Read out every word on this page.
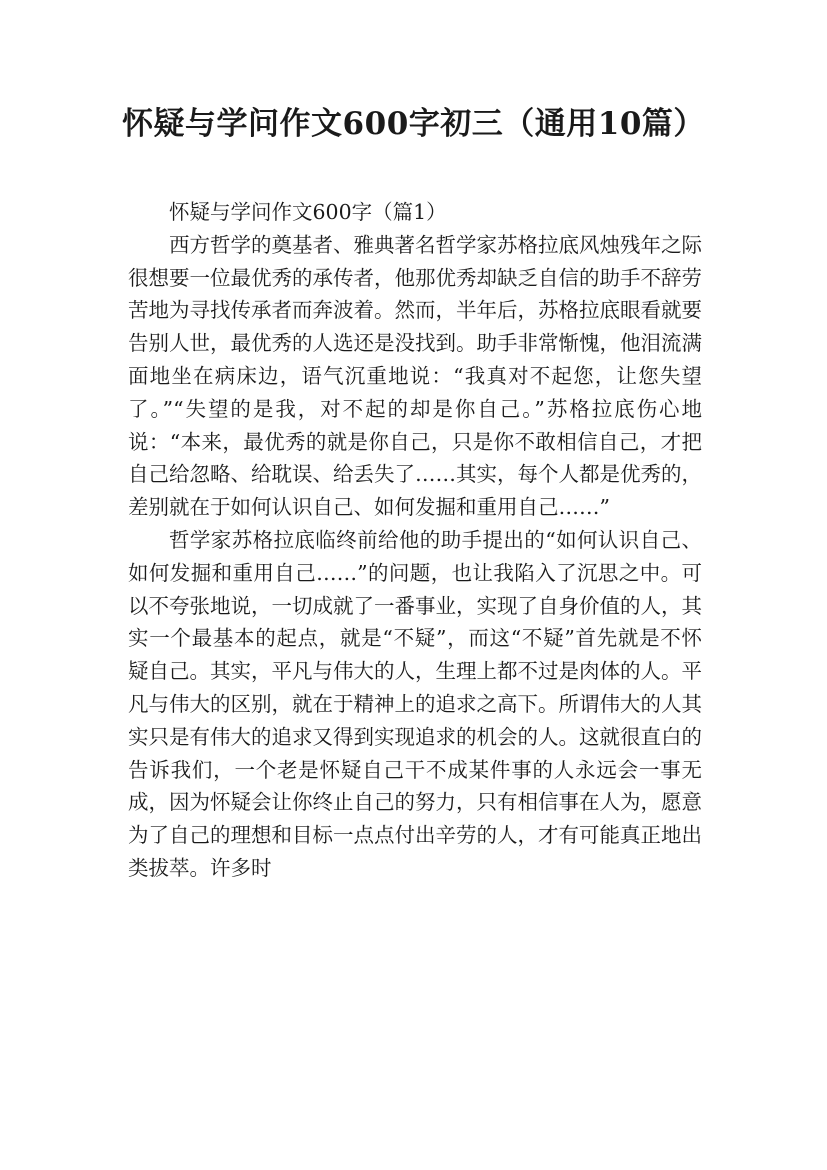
怀疑与学问作文600字初三（通用10篇）

怀疑与学问作文600字（篇1）

西方哲学的奠基者、雅典著名哲学家苏格拉底风烛残年之际很想要一位最优秀的承传者，他那优秀却缺乏自信的助手不辞劳苦地为寻找传承者而奔波着。然而，半年后，苏格拉底眼看就要告别人世，最优秀的人选还是没找到。助手非常惭愧，他泪流满面地坐在病床边，语气沉重地说：“我真对不起您，让您失望了。”“失望的是我，对不起的却是你自己。”苏格拉底伤心地说：“本来，最优秀的就是你自己，只是你不敢相信自己，才把自己给忽略、给耽误、给丢失了……其实，每个人都是优秀的，差别就在于如何认识自己、如何发掘和重用自己……”

哲学家苏格拉底临终前给他的助手提出的“如何认识自己、如何发掘和重用自己……”的问题，也让我陷入了沉思之中。可以不夸张地说，一切成就了一番事业，实现了自身价值的人，其实一个最基本的起点，就是“不疑”，而这“不疑”首先就是不怀疑自己。其实，平凡与伟大的人，生理上都不过是肉体的人。平凡与伟大的区别，就在于精神上的追求之高下。所谓伟大的人其实只是有伟大的追求又得到实现追求的机会的人。这就很直白的告诉我们，一个老是怀疑自己干不成某件事的人永远会一事无成，因为怀疑会让你终止自己的努力，只有相信事在人为，愿意为了自己的理想和目标一点点付出辛劳的人，才有可能真正地出类拔萃。许多时
